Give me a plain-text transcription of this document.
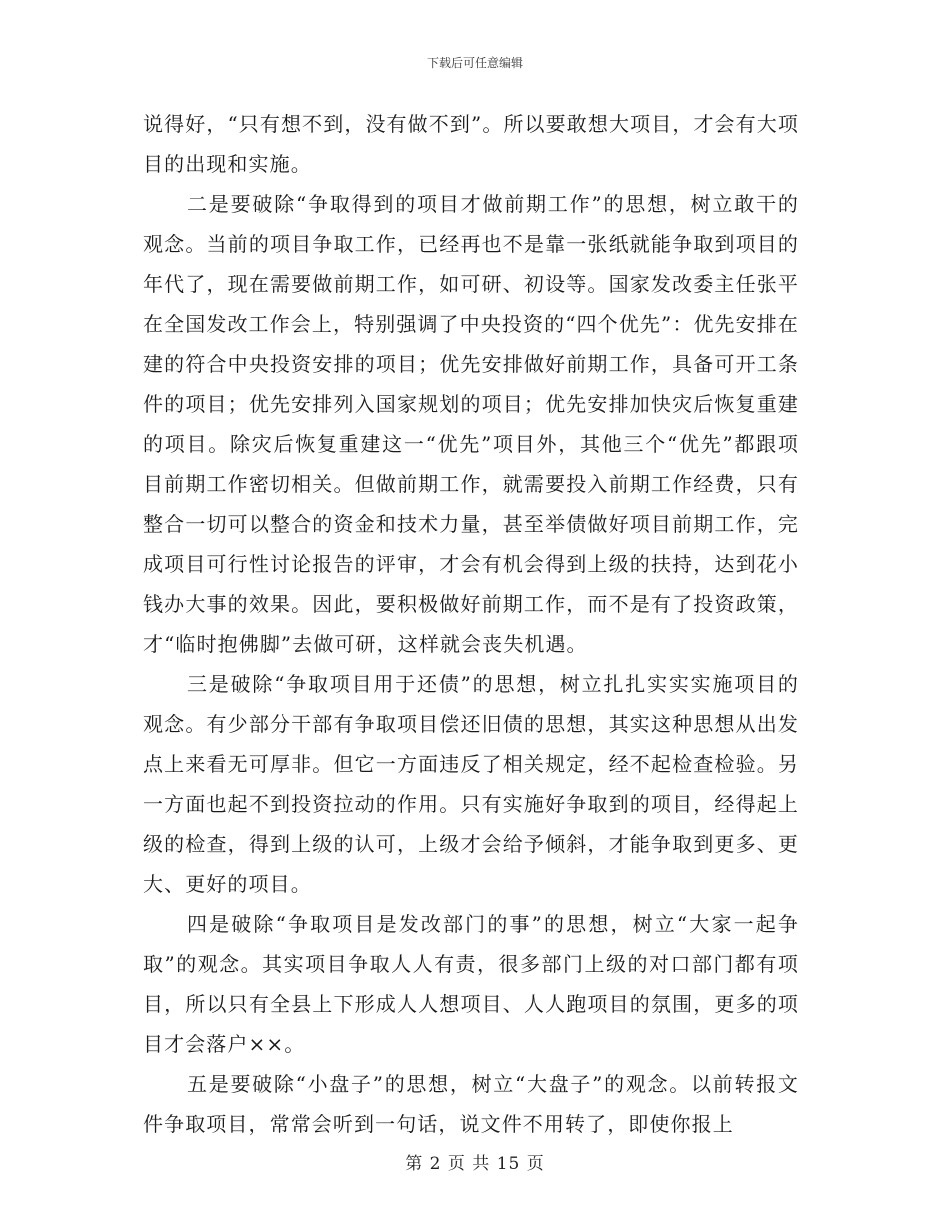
下载后可任意编辑

说得好，“只有想不到，没有做不到”。所以要敢想大项目，才会有大项目的出现和实施。

二是要破除“争取得到的项目才做前期工作”的思想，树立敢干的观念。当前的项目争取工作，已经再也不是靠一张纸就能争取到项目的年代了，现在需要做前期工作，如可研、初设等。国家发改委主任张平在全国发改工作会上，特别强调了中央投资的“四个优先”：优先安排在建的符合中央投资安排的项目；优先安排做好前期工作，具备可开工条件的项目；优先安排列入国家规划的项目；优先安排加快灾后恢复重建的项目。除灾后恢复重建这一“优先”项目外，其他三个“优先”都跟项目前期工作密切相关。但做前期工作，就需要投入前期工作经费，只有整合一切可以整合的资金和技术力量，甚至举债做好项目前期工作，完成项目可行性讨论报告的评审，才会有机会得到上级的扶持，达到花小钱办大事的效果。因此，要积极做好前期工作，而不是有了投资政策，才“临时抱佛脚”去做可研，这样就会丧失机遇。

三是破除“争取项目用于还债”的思想，树立扎扎实实实施项目的观念。有少部分干部有争取项目偿还旧债的思想，其实这种思想从出发点上来看无可厚非。但它一方面违反了相关规定，经不起检查检验。另一方面也起不到投资拉动的作用。只有实施好争取到的项目，经得起上级的检查，得到上级的认可，上级才会给予倾斜，才能争取到更多、更大、更好的项目。

四是破除“争取项目是发改部门的事”的思想，树立“大家一起争取”的观念。其实项目争取人人有责，很多部门上级的对口部门都有项目，所以只有全县上下形成人人想项目、人人跑项目的氛围，更多的项目才会落户××。

五是要破除“小盘子”的思想，树立“大盘子”的观念。以前转报文件争取项目，常常会听到一句话，说文件不用转了，即使你报上

第 2 页 共 15 页
